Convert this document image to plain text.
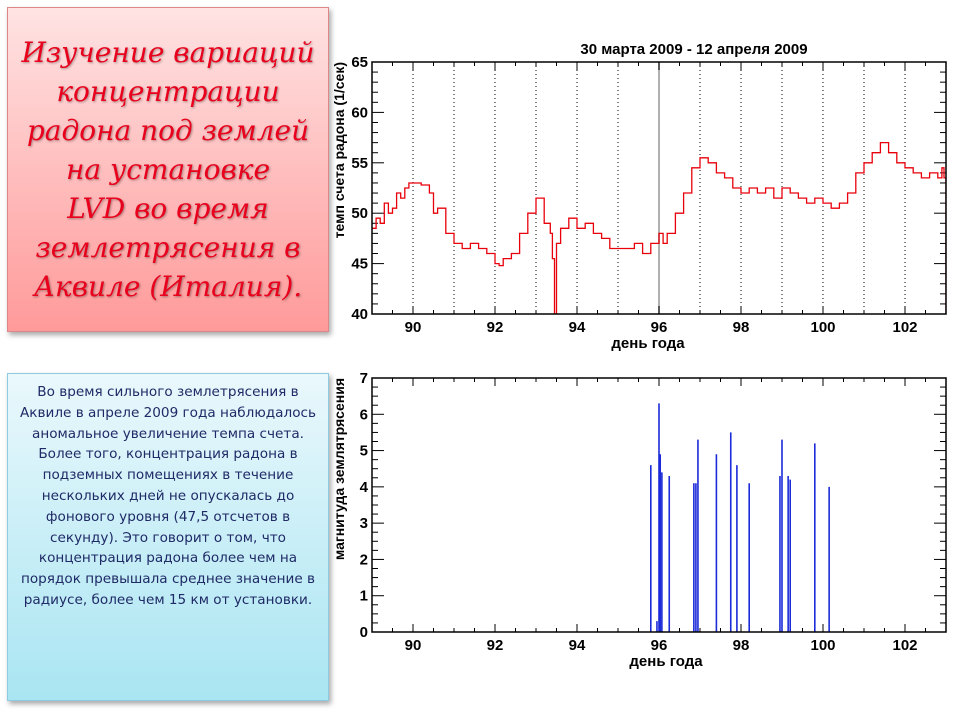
Изучение вариаций концентрации радона под землей на установке
LVD во время землетрясения в Аквиле (Италия).
Во время сильного землетрясения в Аквиле в апреле 2009 года наблюдалось аномальное увеличение темпа счета. Более того, концентрация радона в подземных помещениях в течение нескольких дней не опускалась до фонового уровня (47,5 отсчетов в секунду). Это говорит о том, что концентрация радона более чем на порядок превышала среднее значение в радиусе, более чем 15 км от установки.
30 марта 2009 - 12 апреля 2009
90	92	94	96	98	100	102
40
45
50
55
60
65
день года
темп счета радона (1/сек)
90	92	94	96	98	100	102
0
1
2
3
4
5
6
7
день года
магнитуда землятрясения
